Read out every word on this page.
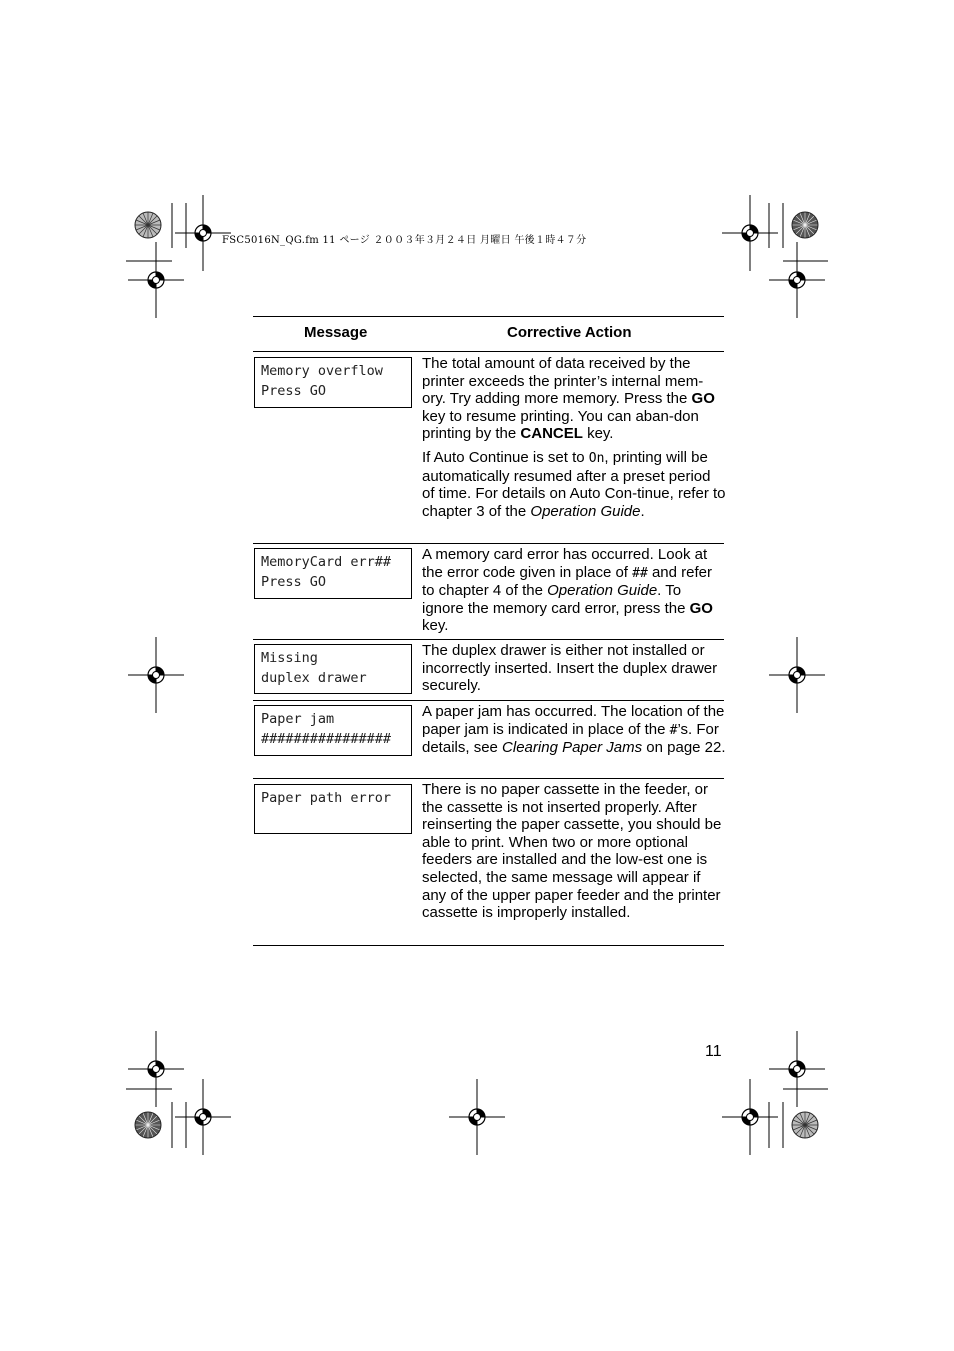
FSC5016N_QG.fm 11 ページ ２００３年３月２４日 月曜日 午後１時４７分
Message	Corrective Action
Memory overflow
Press GO

The total amount of data received by the printer exceeds the printer’s internal mem-ory. Try adding more memory. Press the GO key to resume printing. You can aban-don printing by the CANCEL key.

If Auto Continue is set to On, printing will be automatically resumed after a preset period of time. For details on Auto Con-tinue, refer to chapter 3 of the Operation Guide.

MemoryCard err##
Press GO

A memory card error has occurred. Look at the error code given in place of ## and refer to chapter 4 of the Operation Guide. To ignore the memory card error, press the GO key.

Missing
duplex drawer

The duplex drawer is either not installed or incorrectly inserted. Insert the duplex drawer securely.

Paper jam
################

A paper jam has occurred. The location of the paper jam is indicated in place of the #’s. For details, see Clearing Paper Jams on page 22.

Paper path error	There is no paper cassette in the feeder, or the cassette is not inserted properly. After reinserting the paper cassette, you should be able to print. When two or more optional feeders are installed and the low-est one is selected, the same message will appear if any of the upper paper feeder and the printer cassette is improperly installed.

11
